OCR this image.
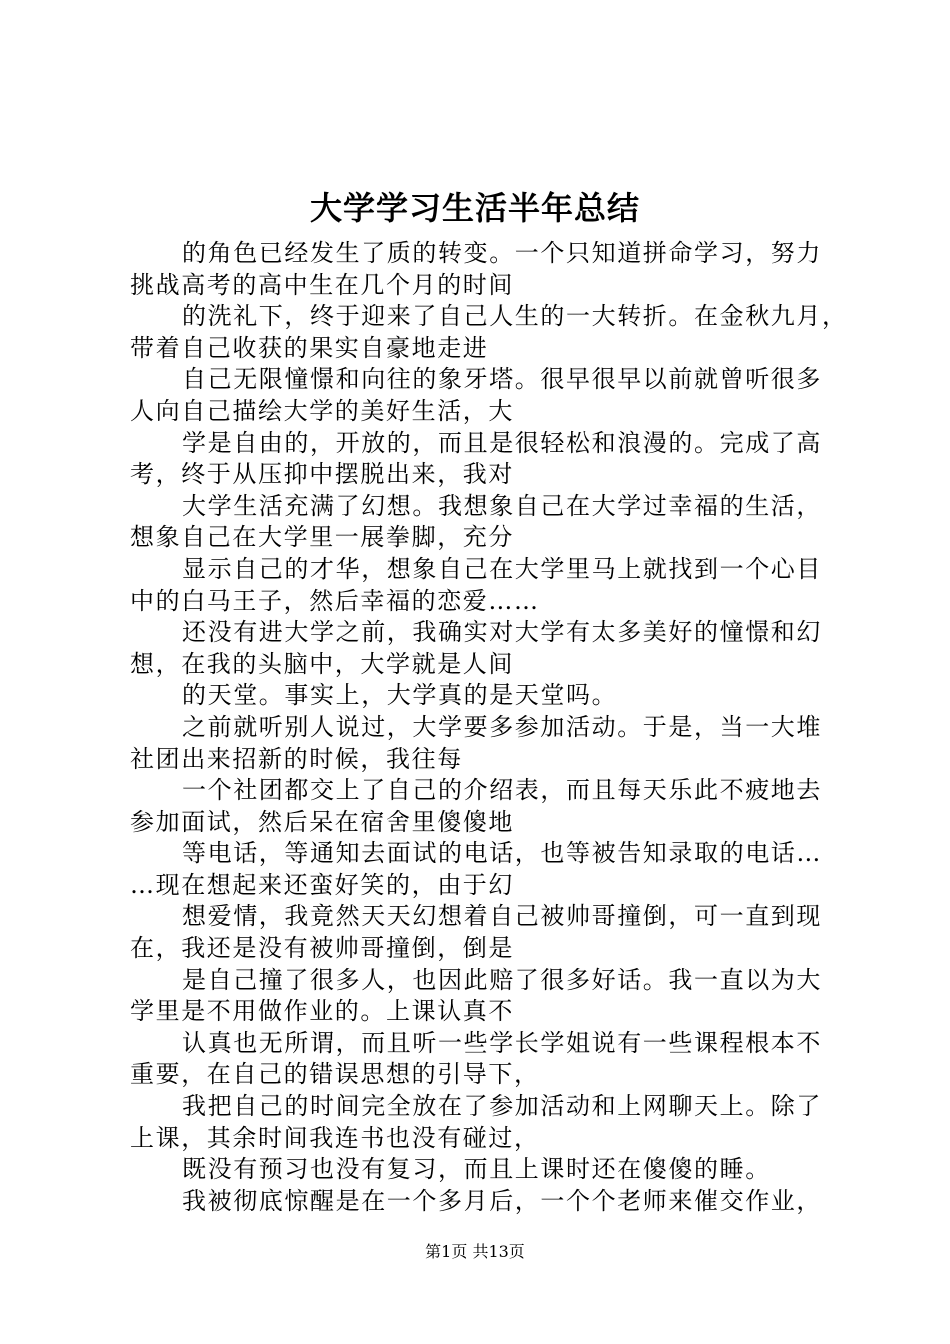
大学学习生活半年总结
的角色已经发生了质的转变。一个只知道拼命学习，努力
挑战高考的高中生在几个月的时间
的洗礼下，终于迎来了自己人生的一大转折。在金秋九月，
带着自己收获的果实自豪地走进
自己无限憧憬和向往的象牙塔。很早很早以前就曾听很多
人向自己描绘大学的美好生活，大
学是自由的，开放的，而且是很轻松和浪漫的。完成了高
考，终于从压抑中摆脱出来，我对
大学生活充满了幻想。我想象自己在大学过幸福的生活，
想象自己在大学里一展拳脚，充分
显示自己的才华，想象自己在大学里马上就找到一个心目
中的白马王子，然后幸福的恋爱……
还没有进大学之前，我确实对大学有太多美好的憧憬和幻
想，在我的头脑中，大学就是人间
的天堂。事实上，大学真的是天堂吗。
之前就听别人说过，大学要多参加活动。于是，当一大堆
社团出来招新的时候，我往每
一个社团都交上了自己的介绍表，而且每天乐此不疲地去
参加面试，然后呆在宿舍里傻傻地
等电话，等通知去面试的电话，也等被告知录取的电话…
…现在想起来还蛮好笑的，由于幻
想爱情，我竟然天天幻想着自己被帅哥撞倒，可一直到现
在，我还是没有被帅哥撞倒，倒是
是自己撞了很多人，也因此赔了很多好话。我一直以为大
学里是不用做作业的。上课认真不
认真也无所谓，而且听一些学长学姐说有一些课程根本不
重要，在自己的错误思想的引导下，
我把自己的时间完全放在了参加活动和上网聊天上。除了
上课，其余时间我连书也没有碰过，
既没有预习也没有复习，而且上课时还在傻傻的睡。
我被彻底惊醒是在一个多月后，一个个老师来催交作业，
第1页 共13页
